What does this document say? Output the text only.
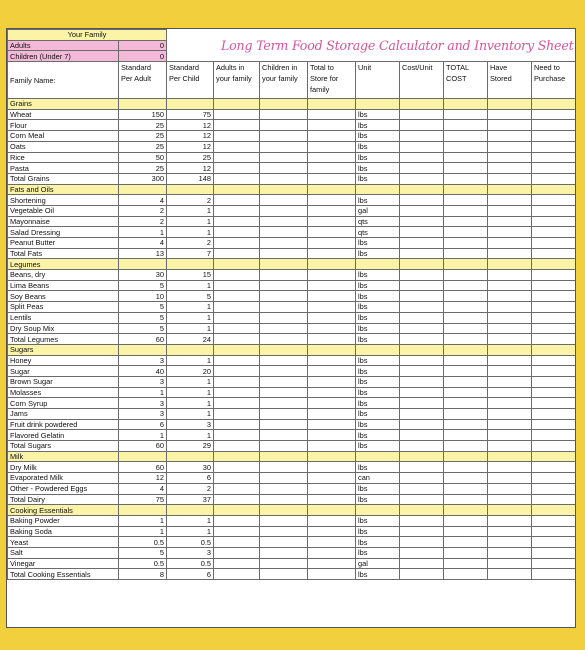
Your Family		Long Term Food Storage Calculator and Inventory Sheet								

Adults	0									
Children (Under 7)	0									
Family Name:	Standard Per Adult	Standard Per Child	Adults in your family	Children in your family	Total to Store for family	Unit	Cost/Unit	TOTAL COST	Have Stored	Need to Purchase
Grains										
Wheat	150	75				lbs				
Flour	25	12				lbs				
Corn Meal	25	12				lbs				
Oats	25	12				lbs				
Rice	50	25				lbs				
Pasta	25	12				lbs				
Total Grains	300	148				lbs				
Fats and Oils										
Shortening	4	2				lbs				
Vegetable Oil	2	1				gal				
Mayonnaise	2	1				qts				
Salad Dressing	1	1				qts				
Peanut Butter	4	2				lbs				
Total Fats	13	7				lbs				
Legumes										
Beans, dry	30	15				lbs				
Lima Beans	5	1				lbs				
Soy Beans	10	5				lbs				
Split Peas	5	1				lbs				
Lentils	5	1				lbs				
Dry Soup Mix	5	1				lbs				
Total Legumes	60	24				lbs				
Sugars										
Honey	3	1				lbs				
Sugar	40	20				lbs				
Brown Sugar	3	1				lbs				
Molasses	1	1				lbs				
Corn Syrup	3	1				lbs				
Jams	3	1				lbs				
Fruit drink powdered	6	3				lbs				
Flavored Gelatin	1	1				lbs				
Total Sugars	60	29				lbs				
Milk										
Dry Milk	60	30				lbs				
Evaporated Milk	12	6				can				
Other - Powdered Eggs	4	2				lbs				
Total Dairy	75	37				lbs				
Cooking Essentials										
Baking Powder	1	1				lbs				
Baking Soda	1	1				lbs				
Yeast	0.5	0.5				lbs				
Salt	5	3				lbs				
Vinegar	0.5	0.5				gal				
Total Cooking Essentials	8	6				lbs				
